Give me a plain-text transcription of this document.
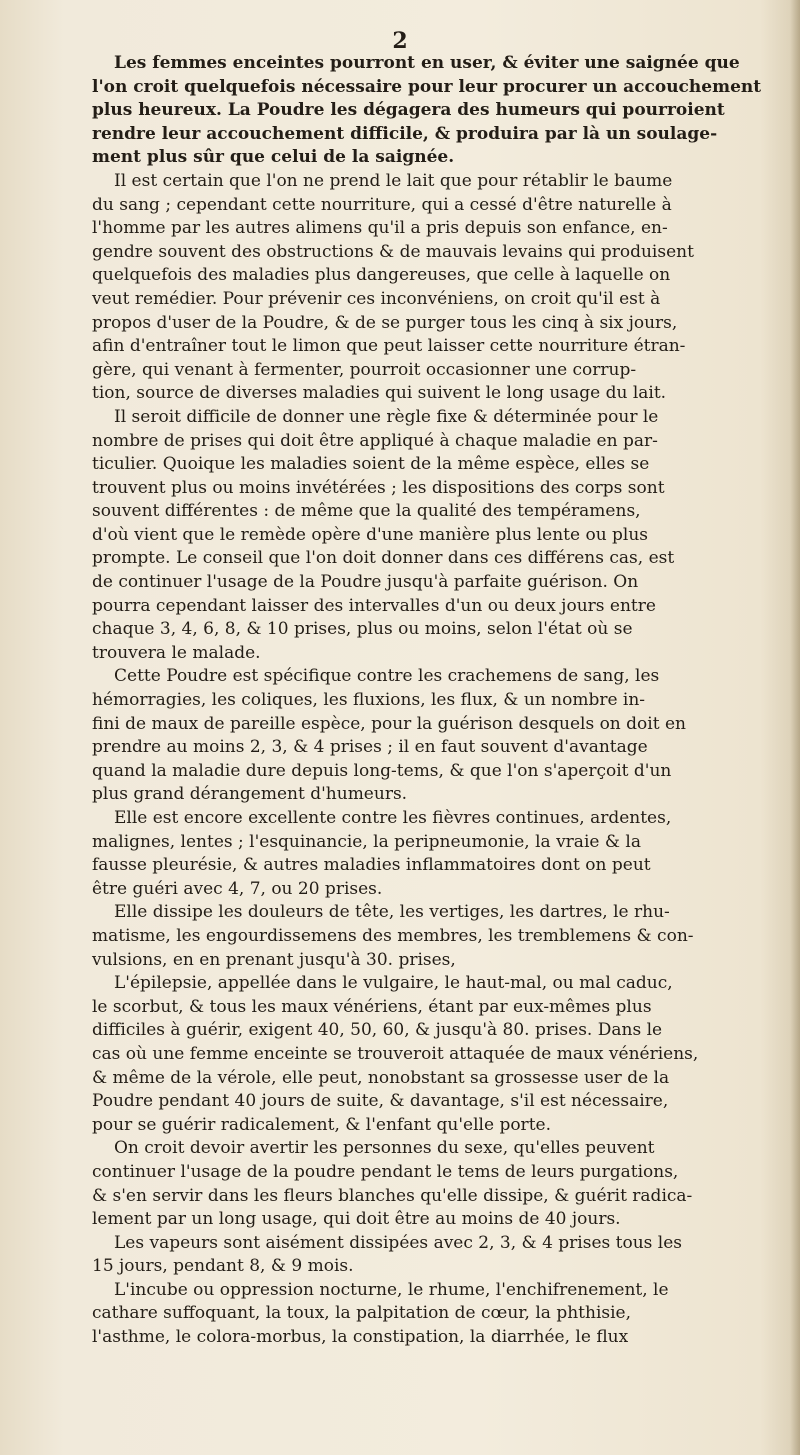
2
Les femmes enceintes pourront en user, & éviter une saignée que
l'on croit quelquefois nécessaire pour leur procurer un accouchement
plus heureux. La Poudre les dégagera des humeurs qui pourroient
rendre leur accouchement difficile, & produira par là un soulage-
ment plus sûr que celui de la saignée.
Il est certain que l'on ne prend le lait que pour rétablir le baume
du sang ; cependant cette nourriture, qui a cessé d'être naturelle à
l'homme par les autres alimens qu'il a pris depuis son enfance, en-
gendre souvent des obstructions & de mauvais levains qui produisent
quelquefois des maladies plus dangereuses, que celle à laquelle on
veut remédier. Pour prévenir ces inconvéniens, on croit qu'il est à
propos d'user de la Poudre, & de se purger tous les cinq à six jours,
afin d'entraîner tout le limon que peut laisser cette nourriture étran-
gère, qui venant à fermenter, pourroit occasionner une corrup-
tion, source de diverses maladies qui suivent le long usage du lait.
Il seroit difficile de donner une règle fixe & déterminée pour le
nombre de prises qui doit être appliqué à chaque maladie en par-
ticulier. Quoique les maladies soient de la même espèce, elles se
trouvent plus ou moins invétérées ; les dispositions des corps sont
souvent différentes : de même que la qualité des tempéramens,
d'où vient que le remède opère d'une manière plus lente ou plus
prompte. Le conseil que l'on doit donner dans ces différens cas, est
de continuer l'usage de la Poudre jusqu'à parfaite guérison. On
pourra cependant laisser des intervalles d'un ou deux jours entre
chaque 3, 4, 6, 8, & 10 prises, plus ou moins, selon l'état où se
trouvera le malade.
Cette Poudre est spécifique contre les crachemens de sang, les
hémorragies, les coliques, les fluxions, les flux, & un nombre in-
fini de maux de pareille espèce, pour la guérison desquels on doit en
prendre au moins 2, 3, & 4 prises ; il en faut souvent d'avantage
quand la maladie dure depuis long-tems, & que l'on s'aperçoit d'un
plus grand dérangement d'humeurs.
Elle est encore excellente contre les fièvres continues, ardentes,
malignes, lentes ; l'esquinancie, la peripneumonie, la vraie & la
fausse pleurésie, & autres maladies inflammatoires dont on peut
être guéri avec 4, 7, ou 20 prises.
Elle dissipe les douleurs de tête, les vertiges, les dartres, le rhu-
matisme, les engourdissemens des membres, les tremblemens & con-
vulsions, en en prenant jusqu'à 30. prises,
L'épilepsie, appellée dans le vulgaire, le haut-mal, ou mal caduc,
le scorbut, & tous les maux vénériens, étant par eux-mêmes plus
difficiles à guérir, exigent 40, 50, 60, & jusqu'à 80. prises. Dans le
cas où une femme enceinte se trouveroit attaquée de maux vénériens,
& même de la vérole, elle peut, nonobstant sa grossesse user de la
Poudre pendant 40 jours de suite, & davantage, s'il est nécessaire,
pour se guérir radicalement, & l'enfant qu'elle porte.
On croit devoir avertir les personnes du sexe, qu'elles peuvent
continuer l'usage de la poudre pendant le tems de leurs purgations,
& s'en servir dans les fleurs blanches qu'elle dissipe, & guérit radica-
lement par un long usage, qui doit être au moins de 40 jours.
Les vapeurs sont aisément dissipées avec 2, 3, & 4 prises tous les
15 jours, pendant 8, & 9 mois.
L'incube ou oppression nocturne, le rhume, l'enchifrenement, le
cathare suffoquant, la toux, la palpitation de cœur, la phthisie,
l'asthme, le colora-morbus, la constipation, la diarrhée, le flux
